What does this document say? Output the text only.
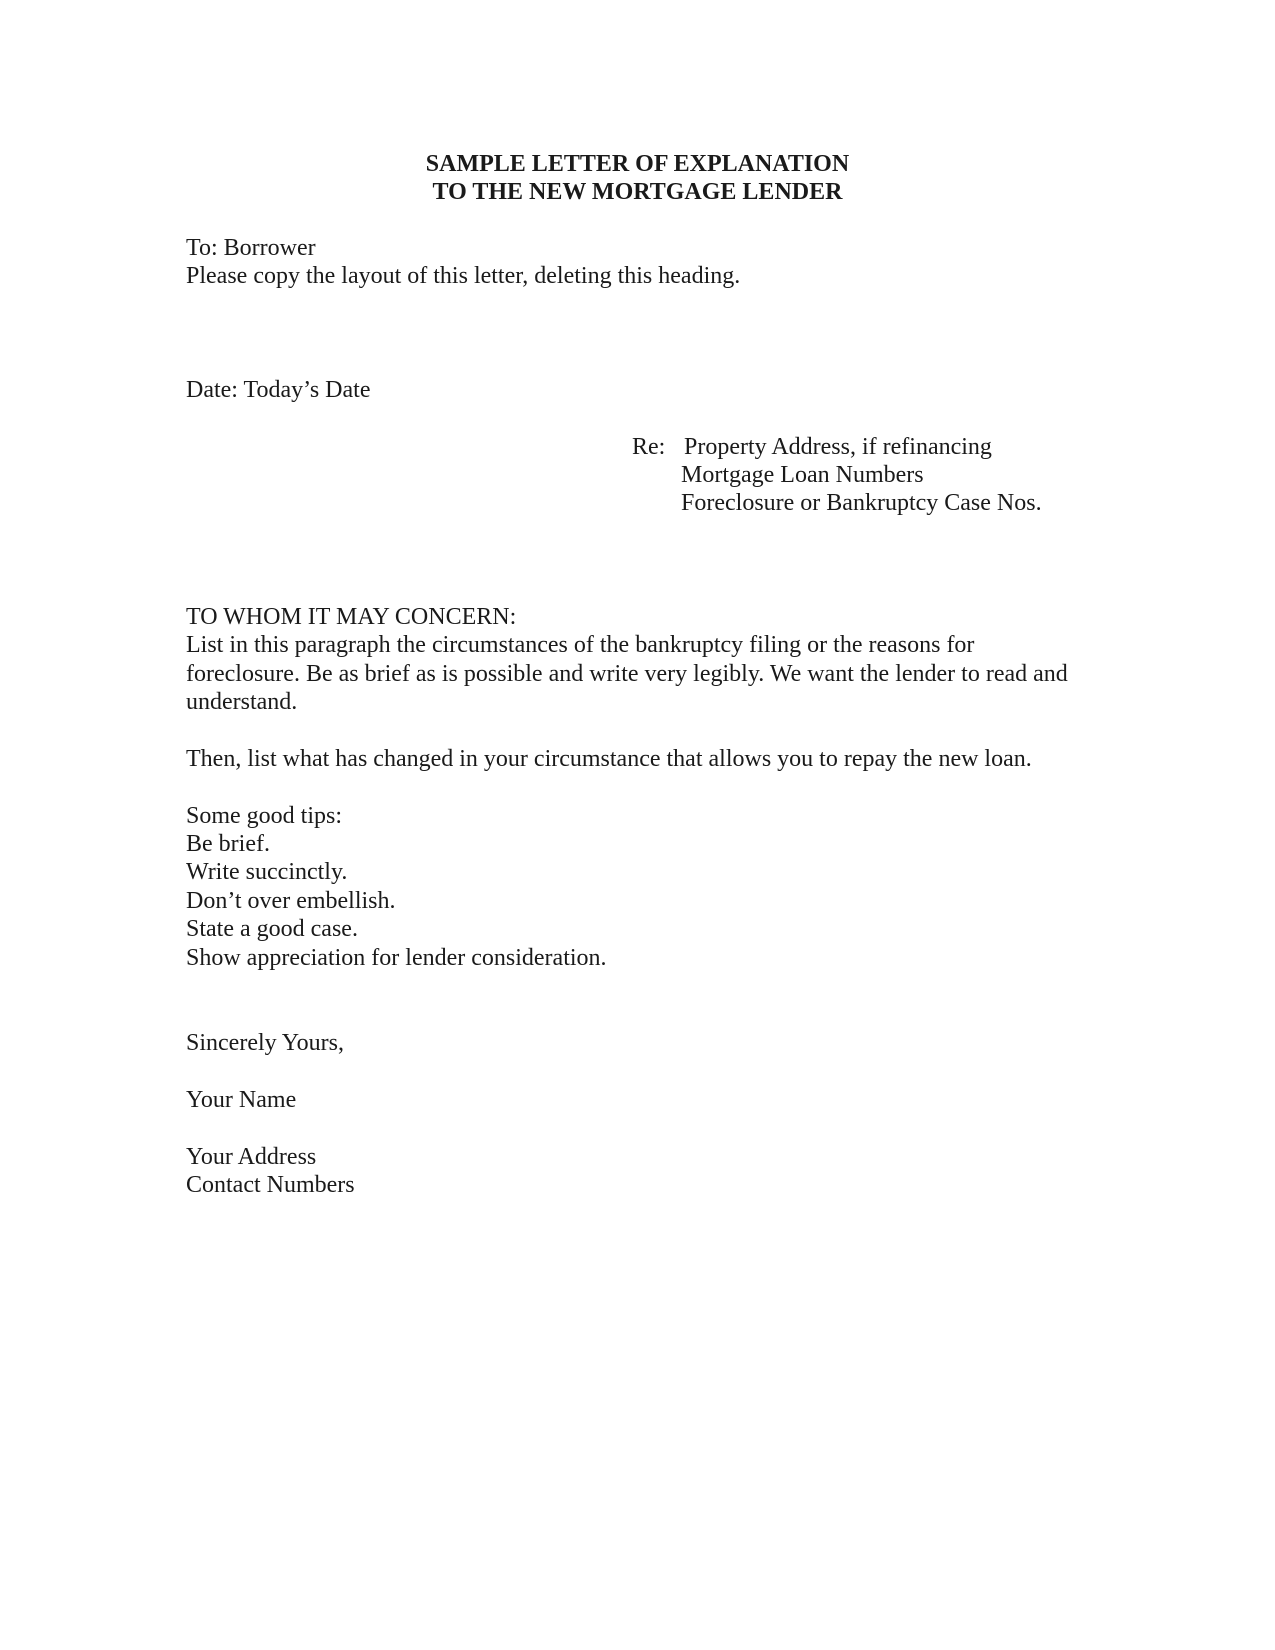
SAMPLE LETTER OF EXPLANATION
TO THE NEW MORTGAGE LENDER
To: Borrower
Please copy the layout of this letter, deleting this heading.
Date: Today’s Date
Re: Property Address, if refinancing
Mortgage Loan Numbers
Foreclosure or Bankruptcy Case Nos.
TO WHOM IT MAY CONCERN:
List in this paragraph the circumstances of the bankruptcy filing or the reasons for foreclosure. Be as brief as is possible and write very legibly. We want the lender to read and understand.
Then, list what has changed in your circumstance that allows you to repay the new loan.
Some good tips:
Be brief.
Write succinctly.
Don’t over embellish.
State a good case.
Show appreciation for lender consideration.
Sincerely Yours,
Your Name
Your Address
Contact Numbers
